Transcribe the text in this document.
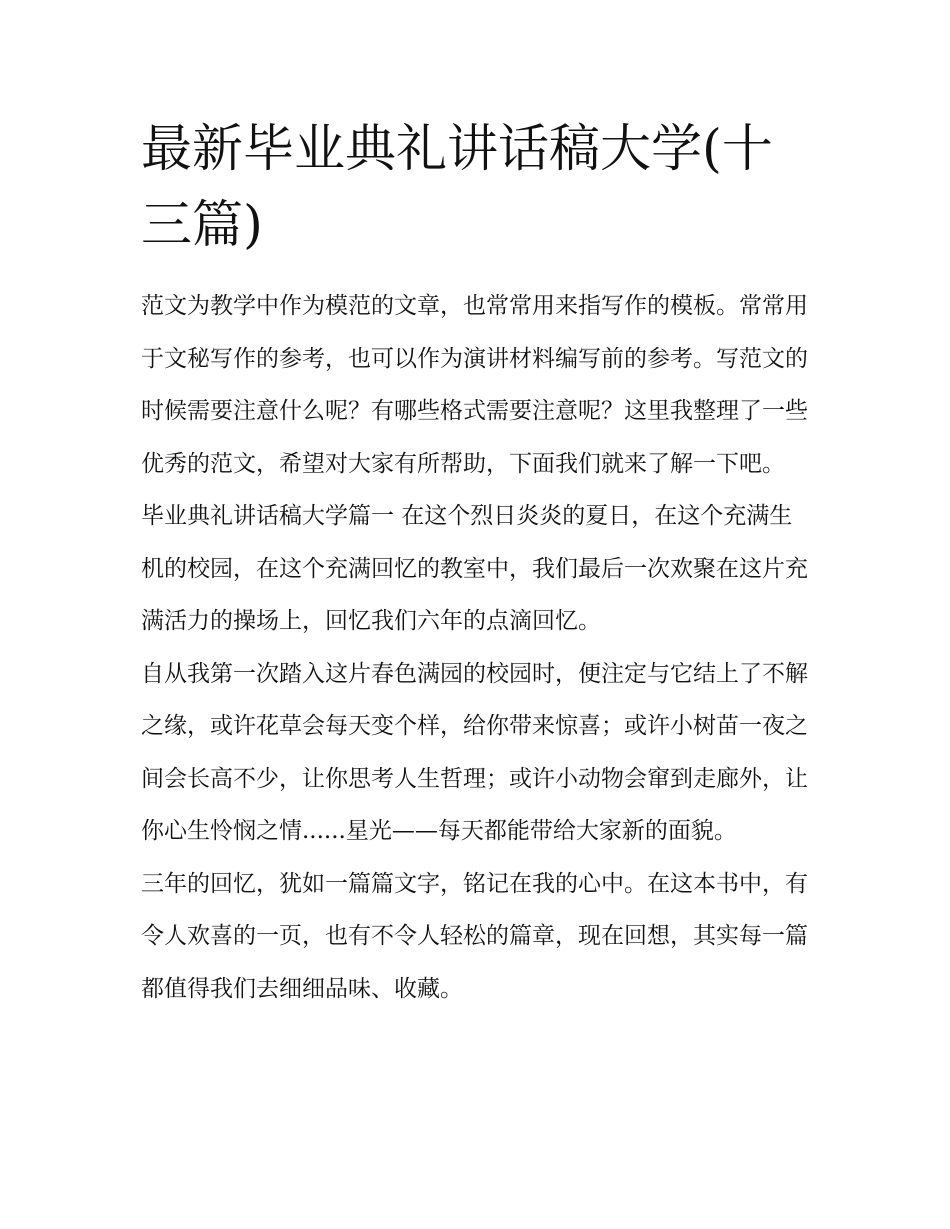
最新毕业典礼讲话稿大学(十三篇)

范文为教学中作为模范的文章，也常常用来指写作的模板。常常用于文秘写作的参考，也可以作为演讲材料编写前的参考。写范文的时候需要注意什么呢？有哪些格式需要注意呢？这里我整理了一些优秀的范文，希望对大家有所帮助，下面我们就来了解一下吧。

毕业典礼讲话稿大学篇一 在这个烈日炎炎的夏日，在这个充满生机的校园，在这个充满回忆的教室中，我们最后一次欢聚在这片充满活力的操场上，回忆我们六年的点滴回忆。

自从我第一次踏入这片春色满园的校园时，便注定与它结上了不解之缘，或许花草会每天变个样，给你带来惊喜；或许小树苗一夜之间会长高不少，让你思考人生哲理；或许小动物会窜到走廊外，让你心生怜悯之情......星光——每天都能带给大家新的面貌。

三年的回忆，犹如一篇篇文字，铭记在我的心中。在这本书中，有令人欢喜的一页，也有不令人轻松的篇章，现在回想，其实每一篇都值得我们去细细品味、收藏。
